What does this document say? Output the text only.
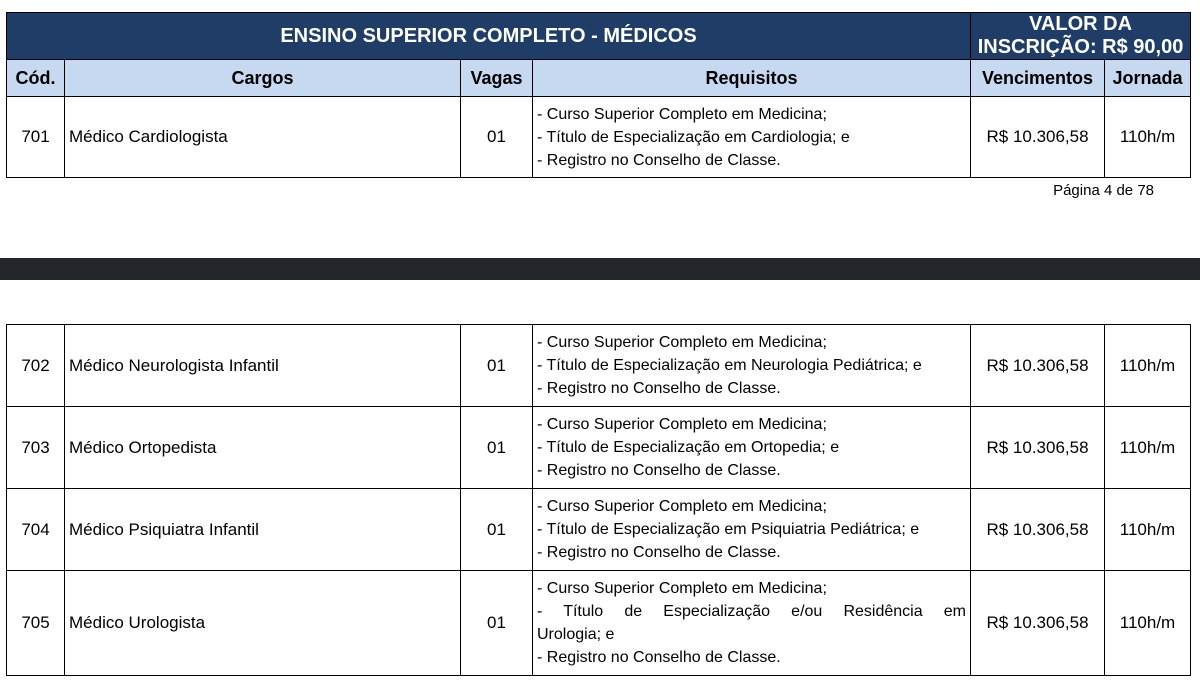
ENSINO SUPERIOR COMPLETO - MÉDICOS				VALOR DA INSCRIÇÃO: R$ 90,00	
Cód.	Cargos	Vagas	Requisitos	Vencimentos	Jornada
701	Médico Cardiologista	01	- Curso Superior Completo em Medicina;
- Título de Especialização em Cardiologia; e
- Registro no Conselho de Classe.	R$ 10.306,58	110h/m
Página 4 de 78
702	Médico Neurologista Infantil	01	- Curso Superior Completo em Medicina;
- Título de Especialização em Neurologia Pediátrica; e
- Registro no Conselho de Classe.	R$ 10.306,58	110h/m
703	Médico Ortopedista	01	- Curso Superior Completo em Medicina;
- Título de Especialização em Ortopedia; e
- Registro no Conselho de Classe.	R$ 10.306,58	110h/m
704	Médico Psiquiatra Infantil	01	- Curso Superior Completo em Medicina;
- Título de Especialização em Psiquiatria Pediátrica; e
- Registro no Conselho de Classe.	R$ 10.306,58	110h/m
705	Médico Urologista	01	- Curso Superior Completo em Medicina;
- Título de Especialização e/ou Residência em
Urologia; e
- Registro no Conselho de Classe.	R$ 10.306,58	110h/m
